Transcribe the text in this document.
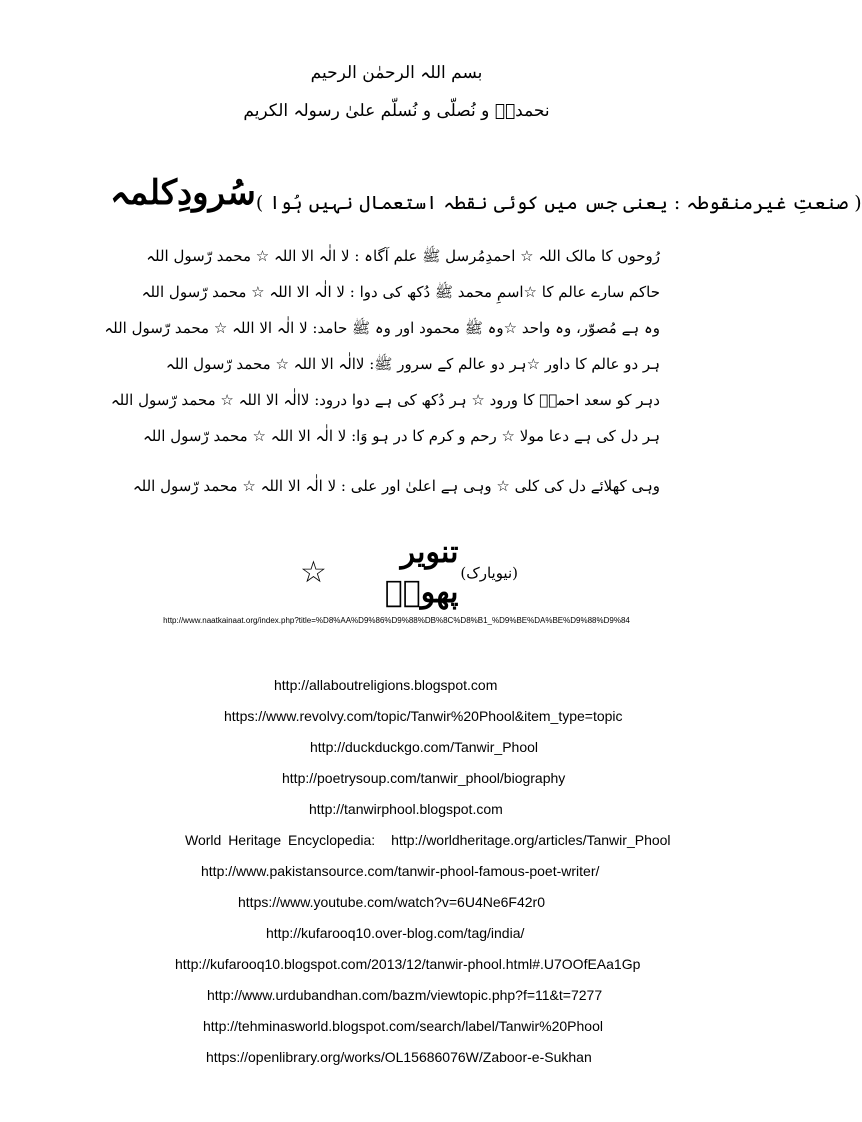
بسم اللہ الرحمٰن الرحیم
نحمدہٗ و نُصلّی و نُسلّم علیٰ رسولہ الکریم
سُرودِکلمہ ( صنعتِ غیرمنقوطہ : یعنی جس میں کوئی نقطہ استعمال نہیں ہُوا )
رُوحوں کا مالک اللہ ☆ احمدِمُرسل ﷺ علم آگاہ : لا الٰہ الا اللہ ☆ محمد رّسول اللہ
حاکم سارے عالم کا ☆اسمِ محمد ﷺ دُکھ کی دوا : لا الٰہ الا اللہ ☆ محمد رّسول اللہ
وہ ہے مُصوّر، وہ واحد ☆وہ ﷺ محمود اور وہ ﷺ حامد: لا الٰہ الا اللہ ☆ محمد رّسول اللہ
ہر دو عالم کا داور ☆ہر دو عالم کے سرور ﷺ: لاالٰہ الا اللہ ☆ محمد رّسول اللہ
دہر کو سعد احمدؐ کا ورود ☆ ہر دُکھ کی ہے دوا درود: لاالٰہ الا اللہ ☆ محمد رّسول اللہ
ہر دل کی ہے دعا مولا ☆ رحم و کرم کا در ہو وَا: لا الٰہ الا اللہ ☆ محمد رّسول اللہ
وہی کھلائے دل کی کلی ☆ وہی ہے اعلیٰ اور علی : لا الٰہ الا اللہ ☆ محمد رّسول اللہ
☆
تنویر پھولؔ
(نیویارک)
http://www.naatkainaat.org/index.php?title=%D8%AA%D9%86%D9%88%DB%8C%D8%B1_%D9%BE%DA%BE%D9%88%D9%84
http://allaboutreligions.blogspot.com
https://www.revolvy.com/topic/Tanwir%20Phool&item_type=topic
http://duckduckgo.com/Tanwir_Phool
http://poetrysoup.com/tanwir_phool/biography
http://tanwirphool.blogspot.com
World Heritage Encyclopedia: http://worldheritage.org/articles/Tanwir_Phool
http://www.pakistansource.com/tanwir-phool-famous-poet-writer/
https://www.youtube.com/watch?v=6U4Ne6F42r0
http://kufarooq10.over-blog.com/tag/india/
http://kufarooq10.blogspot.com/2013/12/tanwir-phool.html#.U7OOfEAa1Gp
http://www.urdubandhan.com/bazm/viewtopic.php?f=11&t=7277
http://tehminasworld.blogspot.com/search/label/Tanwir%20Phool
https://openlibrary.org/works/OL15686076W/Zaboor-e-Sukhan
